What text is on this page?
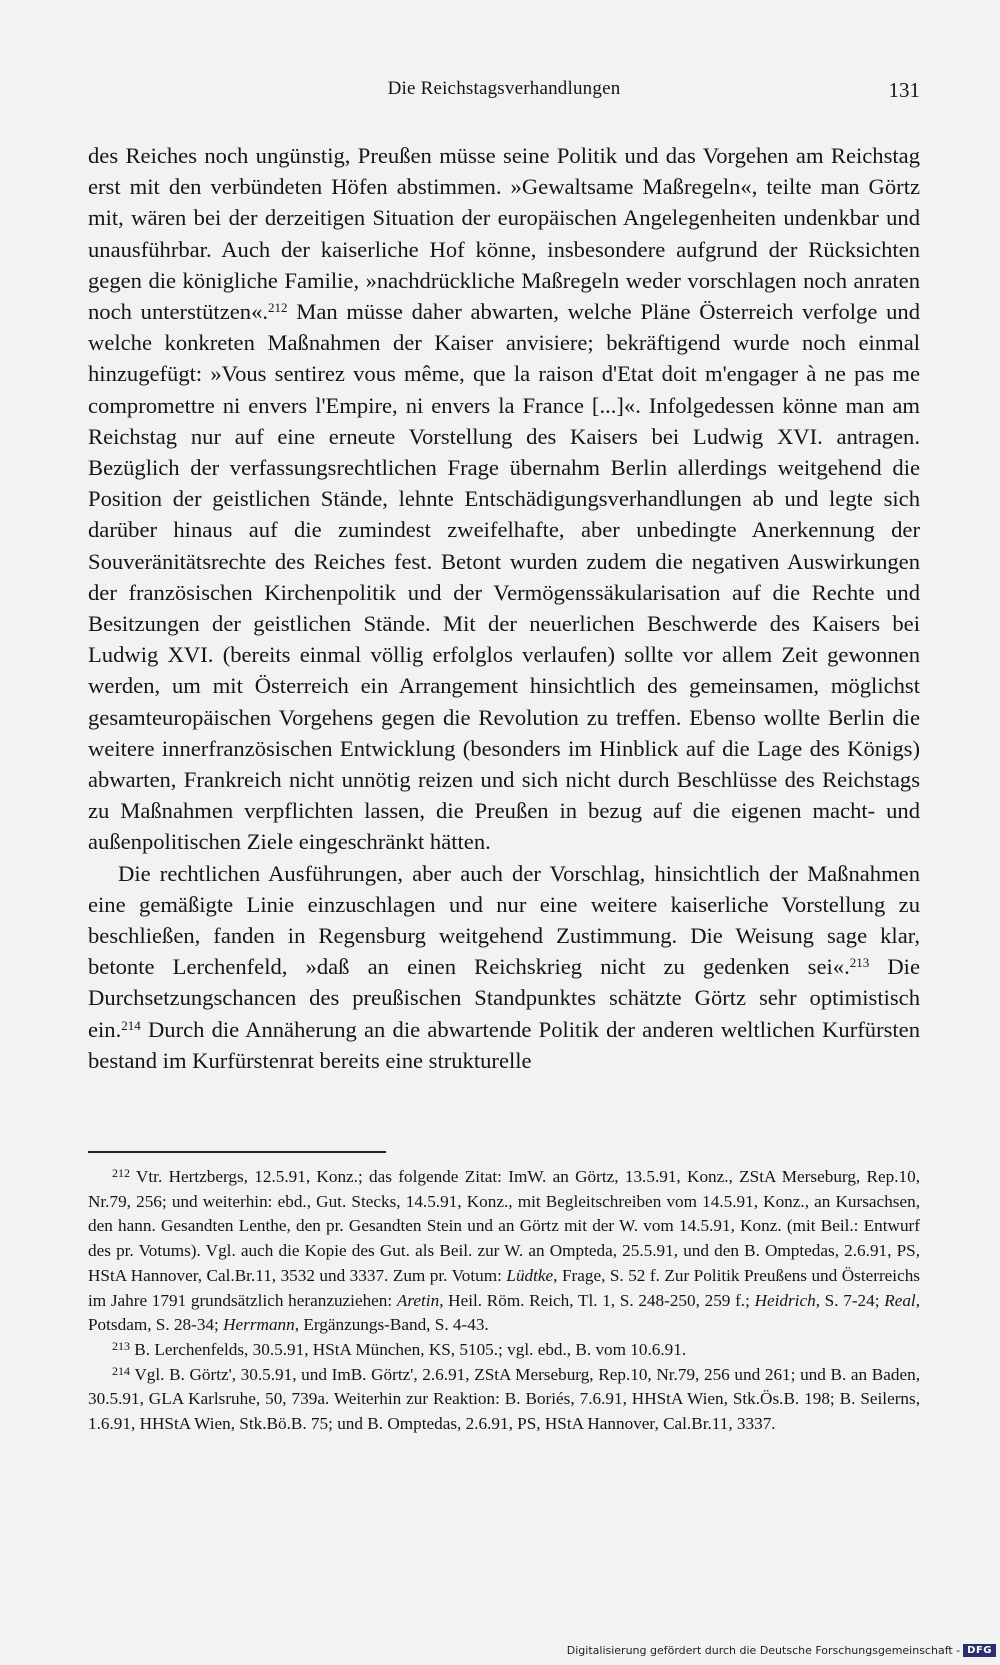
Die Reichstagsverhandlungen	131

des Reiches noch ungünstig, Preußen müsse seine Politik und das Vorgehen am Reichstag erst mit den verbündeten Höfen abstimmen. »Gewaltsame Maßregeln«, teilte man Görtz mit, wären bei der derzeitigen Situation der europäischen Angelegenheiten undenkbar und unausführbar. Auch der kaiserliche Hof könne, insbesondere aufgrund der Rücksichten gegen die königliche Familie, »nachdrückliche Maßregeln weder vorschlagen noch anraten noch unterstützen«.$^{212}$ Man müsse daher abwarten, welche Pläne Österreich verfolge und welche konkreten Maßnahmen der Kaiser anvisiere; bekräftigend wurde noch einmal hinzugefügt: »Vous sentirez vous même, que la raison d'Etat doit m'engager à ne pas me compromettre ni envers l'Empire, ni envers la France [...]«. Infolgedessen könne man am Reichstag nur auf eine erneute Vorstellung des Kaisers bei Ludwig XVI. antragen. Bezüglich der verfassungsrechtlichen Frage übernahm Berlin allerdings weitgehend die Position der geistlichen Stände, lehnte Entschädigungsverhandlungen ab und legte sich darüber hinaus auf die zumindest zweifelhafte, aber unbedingte Anerkennung der Souveränitätsrechte des Reiches fest. Betont wurden zudem die negativen Auswirkungen der französischen Kirchenpolitik und der Vermögenssäkularisation auf die Rechte und Besitzungen der geistlichen Stände. Mit der neuerlichen Beschwerde des Kaisers bei Ludwig XVI. (bereits einmal völlig erfolglos verlaufen) sollte vor allem Zeit gewonnen werden, um mit Österreich ein Arrangement hinsichtlich des gemeinsamen, möglichst gesamteuropäischen Vorgehens gegen die Revolution zu treffen. Ebenso wollte Berlin die weitere innerfranzösischen Entwicklung (besonders im Hinblick auf die Lage des Königs) abwarten, Frankreich nicht unnötig reizen und sich nicht durch Beschlüsse des Reichstags zu Maßnahmen verpflichten lassen, die Preußen in bezug auf die eigenen macht- und außenpolitischen Ziele eingeschränkt hätten.

Die rechtlichen Ausführungen, aber auch der Vorschlag, hinsichtlich der Maßnahmen eine gemäßigte Linie einzuschlagen und nur eine weitere kaiserliche Vorstellung zu beschließen, fanden in Regensburg weitgehend Zustimmung. Die Weisung sage klar, betonte Lerchenfeld, »daß an einen Reichskrieg nicht zu gedenken sei«.$^{213}$ Die Durchsetzungschancen des preußischen Standpunktes schätzte Görtz sehr optimistisch ein.$^{214}$ Durch die Annäherung an die abwartende Politik der anderen weltlichen Kurfürsten bestand im Kurfürstenrat bereits eine strukturelle

$^{212}$ Vtr. Hertzbergs, 12.5.91, Konz.; das folgende Zitat: ImW. an Görtz, 13.5.91, Konz., ZStA Merseburg, Rep.10, Nr.79, 256; und weiterhin: ebd., Gut. Stecks, 14.5.91, Konz., mit Begleitschreiben vom 14.5.91, Konz., an Kursachsen, den hann. Gesandten Lenthe, den pr. Gesandten Stein und an Görtz mit der W. vom 14.5.91, Konz. (mit Beil.: Entwurf des pr. Votums). Vgl. auch die Kopie des Gut. als Beil. zur W. an Ompteda, 25.5.91, und den B. Omptedas, 2.6.91, PS, HStA Hannover, Cal.Br.11, 3532 und 3337. Zum pr. Votum: Lüdtke, Frage, S. 52 f. Zur Politik Preußens und Österreichs im Jahre 1791 grundsätzlich heranzuziehen: Aretin, Heil. Röm. Reich, Tl. 1, S. 248-250, 259 f.; Heidrich, S. 7-24; Real, Potsdam, S. 28-34; Herrmann, Ergänzungs-Band, S. 4-43.

$^{213}$ B. Lerchenfelds, 30.5.91, HStA München, KS, 5105.; vgl. ebd., B. vom 10.6.91.

$^{214}$ Vgl. B. Görtz', 30.5.91, und ImB. Görtz', 2.6.91, ZStA Merseburg, Rep.10, Nr.79, 256 und 261; und B. an Baden, 30.5.91, GLA Karlsruhe, 50, 739a. Weiterhin zur Reaktion: B. Boriés, 7.6.91, HHStA Wien, Stk.Ös.B. 198; B. Seilerns, 1.6.91, HHStA Wien, Stk.Bö.B. 75; und B. Omptedas, 2.6.91, PS, HStA Hannover, Cal.Br.11, 3337.

Digitalisierung gefördert durch die Deutsche Forschungsgemeinschaft - DFG
